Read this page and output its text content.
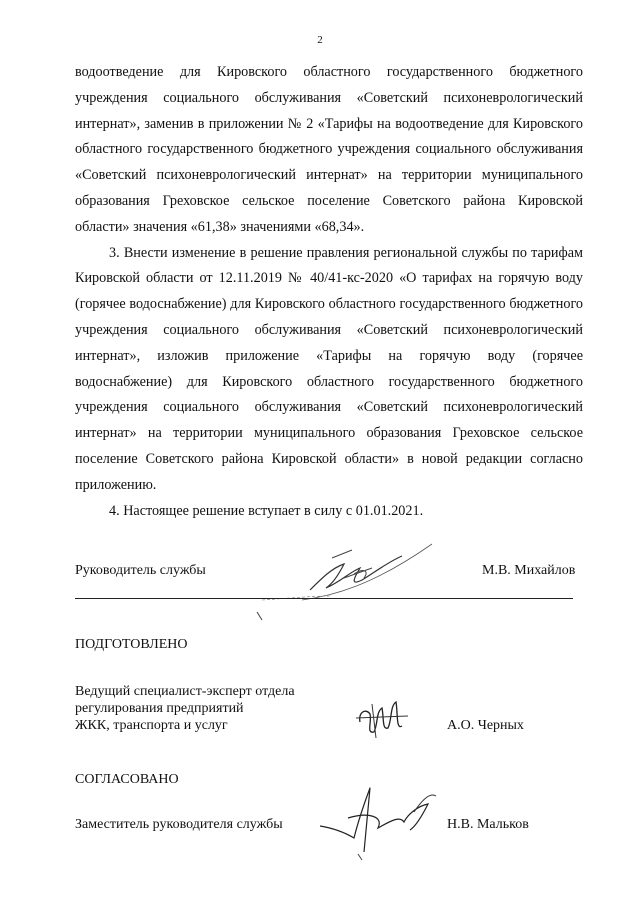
2

водоотведение для Кировского областного государственного бюджетного учреждения социального обслуживания «Советский психоневрологический интернат», заменив в приложении № 2 «Тарифы на водоотведение для Кировского областного государственного бюджетного учреждения социального обслуживания «Советский психоневрологический интернат» на территории муниципального образования Греховское сельское поселение Советского района Кировской области» значения «61,38» значениями «68,34».

3. Внести изменение в решение правления региональной службы по тарифам Кировской области от 12.11.2019 № 40/41-кс-2020 «О тарифах на горячую воду (горячее водоснабжение) для Кировского областного государственного бюджетного учреждения социального обслуживания «Советский психоневрологический интернат», изложив приложение «Тарифы на горячую воду (горячее водоснабжение) для Кировского областного государственного бюджетного учреждения социального обслуживания «Советский психоневрологический интернат» на территории муниципального образования Греховское сельское поселение Советского района Кировской области» в новой редакции согласно приложению.

4. Настоящее решение вступает в силу с 01.01.2021.

Руководитель службы	М.В. Михайлов
ПОДГОТОВЛЕНО
Ведущий специалист-эксперт отдела
регулирования предприятий
ЖКК, транспорта и услуг	А.О. Черных
СОГЛАСОВАНО
Заместитель руководителя службы	Н.В. Мальков
